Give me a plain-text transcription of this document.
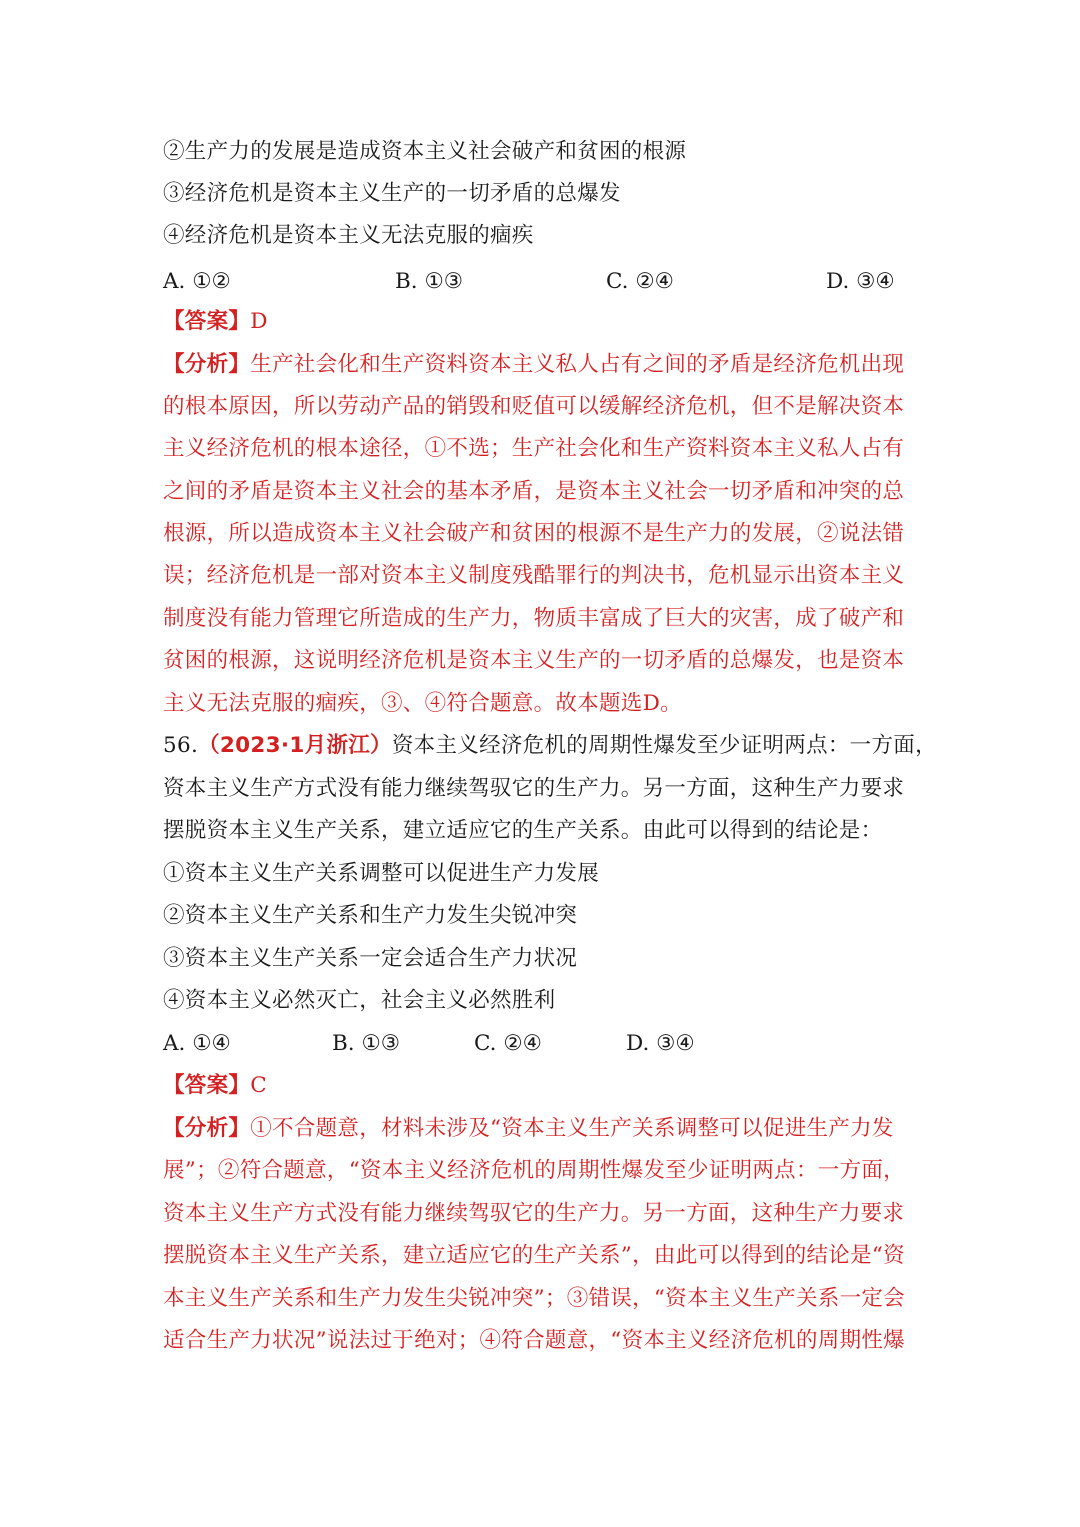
②生产力的发展是造成资本主义社会破产和贫困的根源
③经济危机是资本主义生产的一切矛盾的总爆发
④经济危机是资本主义无法克服的痼疾
A. ①②	B. ①③	C. ②④	D. ③④
【答案】D
【分析】生产社会化和生产资料资本主义私人占有之间的矛盾是经济危机出现
的根本原因，所以劳动产品的销毁和贬值可以缓解经济危机，但不是解决资本
主义经济危机的根本途径，①不选；生产社会化和生产资料资本主义私人占有
之间的矛盾是资本主义社会的基本矛盾，是资本主义社会一切矛盾和冲突的总
根源，所以造成资本主义社会破产和贫困的根源不是生产力的发展，②说法错
误；经济危机是一部对资本主义制度残酷罪行的判决书，危机显示出资本主义
制度没有能力管理它所造成的生产力，物质丰富成了巨大的灾害，成了破产和
贫困的根源，这说明经济危机是资本主义生产的一切矛盾的总爆发，也是资本
主义无法克服的痼疾，③、④符合题意。故本题选D。
56.（2023·1月浙江）资本主义经济危机的周期性爆发至少证明两点：一方面，
资本主义生产方式没有能力继续驾驭它的生产力。另一方面，这种生产力要求
摆脱资本主义生产关系，建立适应它的生产关系。由此可以得到的结论是：
①资本主义生产关系调整可以促进生产力发展
②资本主义生产关系和生产力发生尖锐冲突
③资本主义生产关系一定会适合生产力状况
④资本主义必然灭亡，社会主义必然胜利
A. ①④	B. ①③	C. ②④	D. ③④
【答案】C
【分析】①不合题意，材料未涉及“资本主义生产关系调整可以促进生产力发
展”；②符合题意，“资本主义经济危机的周期性爆发至少证明两点：一方面，
资本主义生产方式没有能力继续驾驭它的生产力。另一方面，这种生产力要求
摆脱资本主义生产关系，建立适应它的生产关系”，由此可以得到的结论是“资
本主义生产关系和生产力发生尖锐冲突”；③错误，“资本主义生产关系一定会
适合生产力状况”说法过于绝对；④符合题意，“资本主义经济危机的周期性爆
